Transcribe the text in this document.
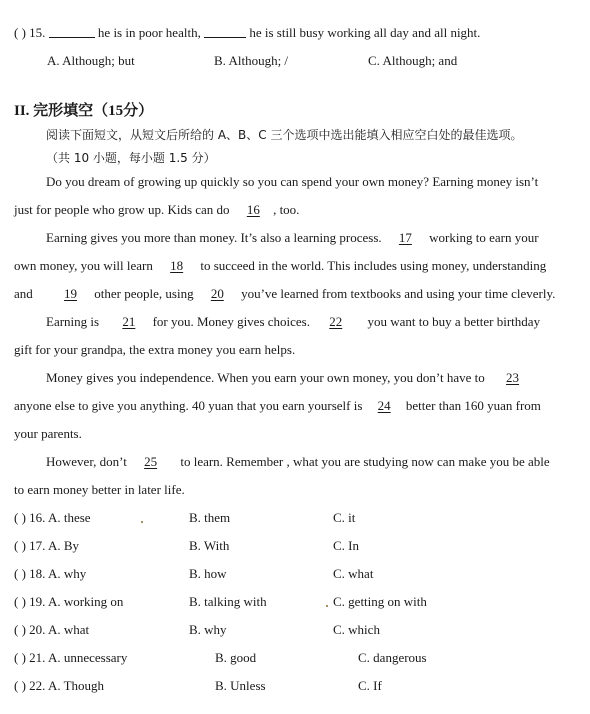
( ) 15.	he is in poor health,	he is still busy working all day and all night.
A. Although; but	B. Although; /	C. Although; and
II. 完形填空（15分）
阅读下面短文，从短文后所给的 A、B、C 三个选项中选出能填入相应空白处的最佳选项。
（共 10 小题，每小题 1.5 分）
Do you dream of growing up quickly so you can spend your own money? Earning money isn’t
just for people who grow up. Kids can do 16 , too.
Earning gives you more than money. It’s also a learning process. 17 working to earn your
own money, you will learn 18 to succeed in the world. This includes using money, understanding
and 19 other people, using 20 you’ve learned from textbooks and using your time cleverly.
Earning is 21 for you. Money gives choices. 22 you want to buy a better birthday
gift for your grandpa, the extra money you earn helps.
Money gives you independence. When you earn your own money, you don’t have to 23
anyone else to give you anything. 40 yuan that you earn yourself is 24 better than 160 yuan from
your parents.
However, don’t 25 to learn. Remember , what you are studying now can make you be able
to earn money better in later life.
( ) 16. A. these	B. them	C. it
( ) 17. A. By	B. With	C. In
( ) 18. A. why	B. how	C. what
( ) 19. A. working on	B. talking with	C. getting on with
( ) 20. A. what	B. why	C. which
( ) 21. A. unnecessary	B. good	C. dangerous
( ) 22. A. Though	B. Unless	C. If
